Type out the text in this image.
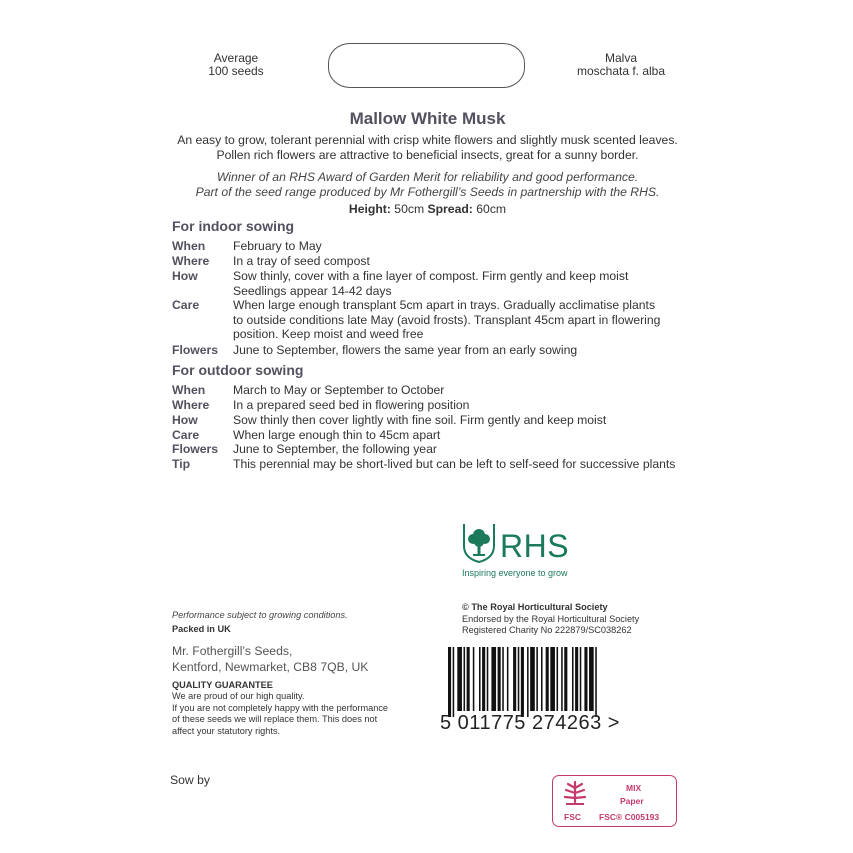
Average
100 seeds
Malva
moschata f. alba
Mallow White Musk
An easy to grow, tolerant perennial with crisp white flowers and slightly musk scented leaves.
Pollen rich flowers are attractive to beneficial insects, great for a sunny border.
Winner of an RHS Award of Garden Merit for reliability and good performance.
Part of the seed range produced by Mr Fothergill’s Seeds in partnership with the RHS.
Height: 50cm Spread: 60cm
For indoor sowing
When	February to May
Where	In a tray of seed compost
How	Sow thinly, cover with a fine layer of compost. Firm gently and keep moist
Seedlings appear 14-42 days
Care	When large enough transplant 5cm apart in trays. Gradually acclimatise plants
to outside conditions late May (avoid frosts). Transplant 45cm apart in flowering
position. Keep moist and weed free
Flowers	June to September, flowers the same year from an early sowing
For outdoor sowing
When	March to May or September to October
Where	In a prepared seed bed in flowering position
How	Sow thinly then cover lightly with fine soil. Firm gently and keep moist
Care	When large enough thin to 45cm apart
Flowers	June to September, the following year
Tip	This perennial may be short-lived but can be left to self-seed for successive plants
RHS
Inspiring everyone to grow
Performance subject to growing conditions.
Packed in UK
Mr. Fothergill’s Seeds,
Kentford, Newmarket, CB8 7QB, UK
QUALITY GUARANTEE
We are proud of our high quality.
If you are not completely happy with the performance
of these seeds we will replace them. This does not
affect your statutory rights.
Sow by
© The Royal Horticultural Society
Endorsed by the Royal Horticultural Society
Registered Charity No 222879/SC038262
5 011775 274263 >
MIX
Paper
FSC FSC® C005193
